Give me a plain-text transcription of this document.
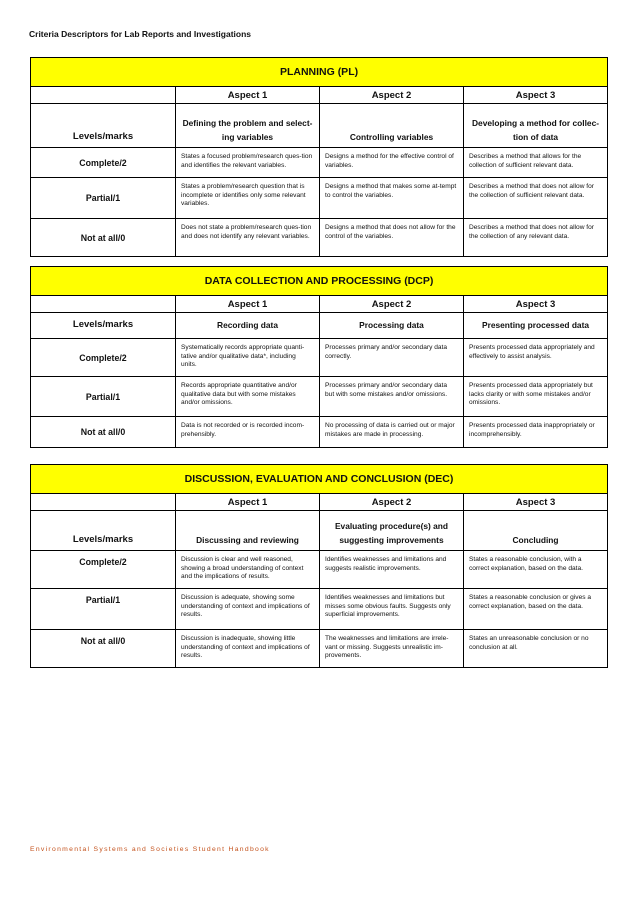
Criteria Descriptors for Lab Reports and Investigations
PLANNING (PL)			
	Aspect 1	Aspect 2	Aspect 3
Levels/marks	Defining the problem and select-ing variables	Controlling variables	Developing a method for collec-tion of data
Complete/2	States a focused problem/research ques-tion and identifies the relevant variables.	Designs a method for the effective control of variables.	Describes a method that allows for the collection of sufficient relevant data.
Partial/1	States a problem/research question that is incomplete or identifies only some relevant variables.	Designs a method that makes some at-tempt to control the variables.	Describes a method that does not allow for the collection of sufficient relevant data.
Not at all/0	Does not state a problem/research ques-tion and does not identify any relevant variables.	Designs a method that does not allow for the control of the variables.	Describes a method that does not allow for the collection of any relevant data.
DATA COLLECTION AND PROCESSING (DCP)			
	Aspect 1	Aspect 2	Aspect 3
Levels/marks	Recording data	Processing data	Presenting processed data
Complete/2	Systematically records appropriate quanti-tative and/or qualitative data*, including units.	Processes primary and/or secondary data correctly.	Presents processed data appropriately and effectively to assist analysis.
Partial/1	Records appropriate quantitative and/or qualitative data but with some mistakes and/or omissions.	Processes primary and/or secondary data but with some mistakes and/or omissions.	Presents processed data appropriately but lacks clarity or with some mistakes and/or omissions.
Not at all/0	Data is not recorded or is recorded incom-prehensibly.	No processing of data is carried out or major mistakes are made in processing.	Presents processed data inappropriately or incomprehensibly.
DISCUSSION, EVALUATION AND CONCLUSION (DEC)			
	Aspect 1	Aspect 2	Aspect 3
Levels/marks	Discussing and reviewing	Evaluating procedure(s) and suggesting improvements	Concluding
Complete/2	Discussion is clear and well reasoned, showing a broad understanding of context and the implications of results.	Identifies weaknesses and limitations and suggests realistic improvements.	States a reasonable conclusion, with a correct explanation, based on the data.
Partial/1	Discussion is adequate, showing some understanding of context and implications of results.	Identifies weaknesses and limitations but misses some obvious faults. Suggests only superficial improvements.	States a reasonable conclusion or gives a correct explanation, based on the data.
Not at all/0	Discussion is inadequate, showing little understanding of context and implications of results.	The weaknesses and limitations are irrele-vant or missing. Suggests unrealistic im-provements.	States an unreasonable conclusion or no conclusion at all.
Environmental Systems and Societies Student Handbook
